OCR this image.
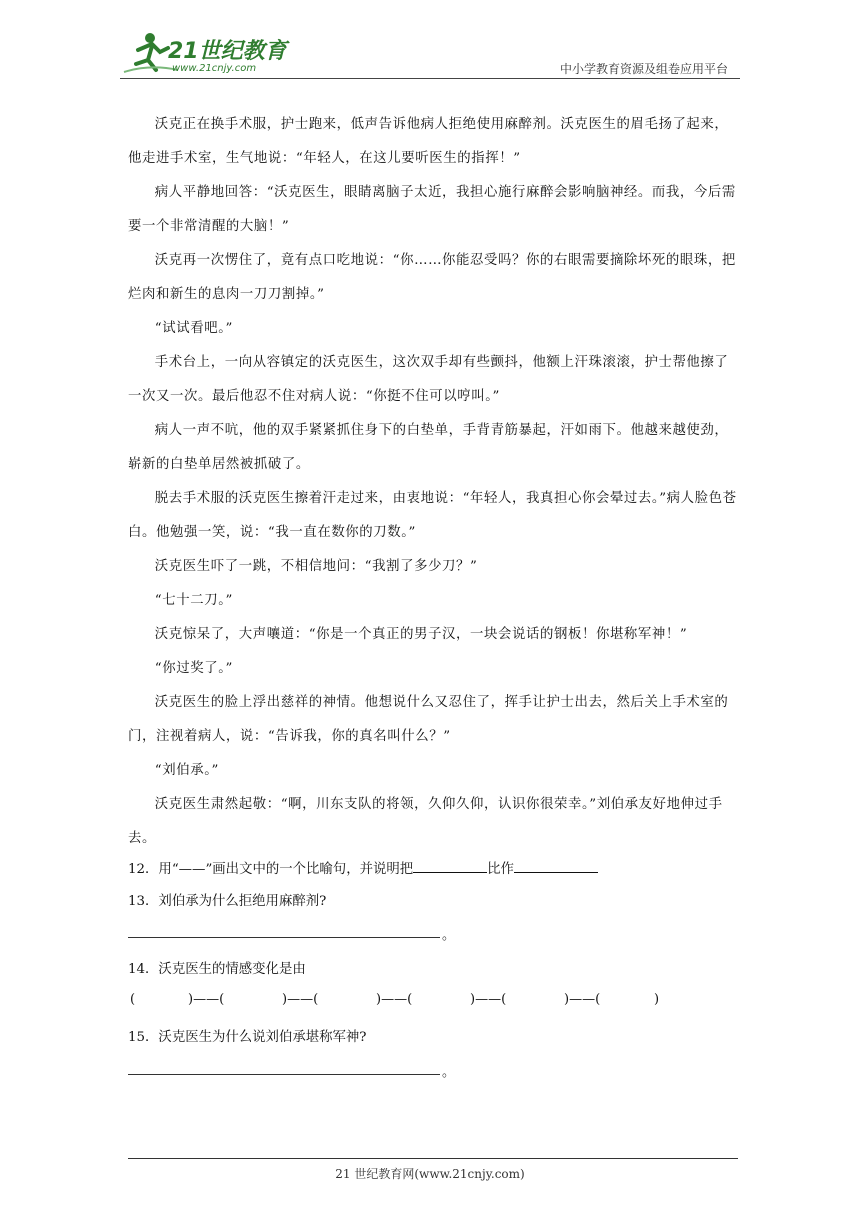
21世纪教育
www.21cnjy.com	中小学教育资源及组卷应用平台

沃克正在换手术服，护士跑来，低声告诉他病人拒绝使用麻醉剂。沃克医生的眉毛扬了起来，他走进手术室，生气地说：“年轻人，在这儿要听医生的指挥！”

病人平静地回答：“沃克医生，眼睛离脑子太近，我担心施行麻醉会影响脑神经。而我，今后需要一个非常清醒的大脑！”

沃克再一次愣住了，竟有点口吃地说：“你……你能忍受吗？你的右眼需要摘除坏死的眼珠，把烂肉和新生的息肉一刀刀割掉。”

“试试看吧。”

手术台上，一向从容镇定的沃克医生，这次双手却有些颤抖，他额上汗珠滚滚，护士帮他擦了一次又一次。最后他忍不住对病人说：“你挺不住可以哼叫。”

病人一声不吭，他的双手紧紧抓住身下的白垫单，手背青筋暴起，汗如雨下。他越来越使劲，崭新的白垫单居然被抓破了。

脱去手术服的沃克医生擦着汗走过来，由衷地说：“年轻人，我真担心你会晕过去。”病人脸色苍白。他勉强一笑，说：“我一直在数你的刀数。”

沃克医生吓了一跳，不相信地问：“我割了多少刀？”

“七十二刀。”

沃克惊呆了，大声嚷道：“你是一个真正的男子汉，一块会说话的钢板！你堪称军神！”

“你过奖了。”

沃克医生的脸上浮出慈祥的神情。他想说什么又忍住了，挥手让护士出去，然后关上手术室的门，注视着病人，说：“告诉我，你的真名叫什么？”

“刘伯承。”

沃克医生肃然起敬：“啊，川东支队的将领，久仰久仰，认识你很荣幸。”刘伯承友好地伸过手去。

12．用“——”画出文中的一个比喻句，并说明把	比作
13．刘伯承为什么拒绝用麻醉剂?
。
14．沃克医生的情感变化是由
(	)——(	)——(	)——(	)——(	)——(	)
15．沃克医生为什么说刘伯承堪称军神?
。
21 世纪教育网(www.21cnjy.com)
